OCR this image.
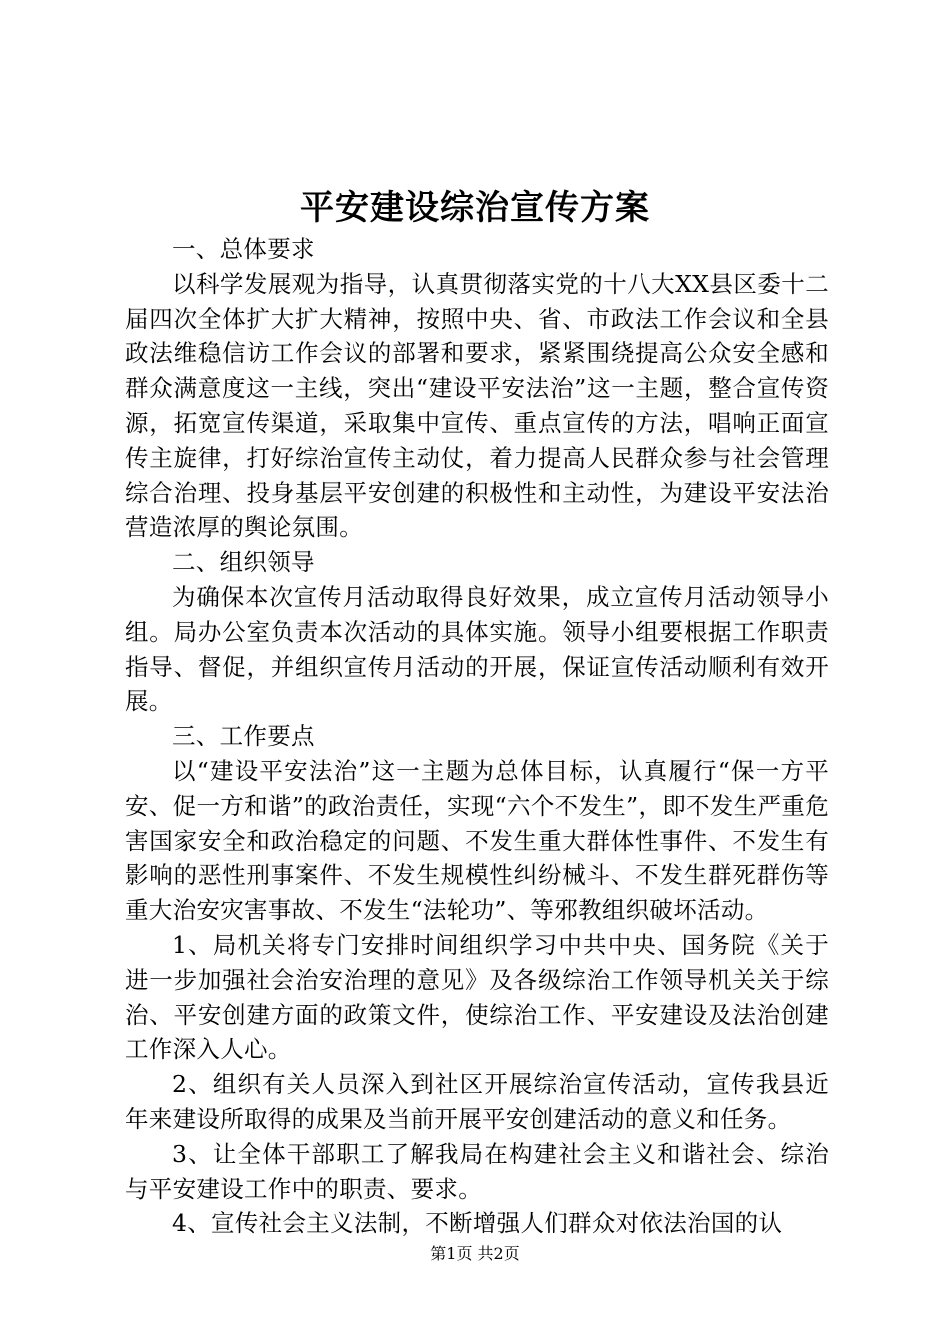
平安建设综治宣传方案

一、总体要求

以科学发展观为指导，认真贯彻落实党的十八大XX县区委十二届四次全体扩大扩大精神，按照中央、省、市政法工作会议和全县政法维稳信访工作会议的部署和要求，紧紧围绕提高公众安全感和群众满意度这一主线，突出“建设平安法治”这一主题，整合宣传资源，拓宽宣传渠道，采取集中宣传、重点宣传的方法，唱响正面宣传主旋律，打好综治宣传主动仗，着力提高人民群众参与社会管理综合治理、投身基层平安创建的积极性和主动性，为建设平安法治营造浓厚的舆论氛围。

二、组织领导

为确保本次宣传月活动取得良好效果，成立宣传月活动领导小组。局办公室负责本次活动的具体实施。领导小组要根据工作职责指导、督促，并组织宣传月活动的开展，保证宣传活动顺利有效开展。

三、工作要点

以“建设平安法治”这一主题为总体目标，认真履行“保一方平安、促一方和谐”的政治责任，实现“六个不发生”，即不发生严重危害国家安全和政治稳定的问题、不发生重大群体性事件、不发生有影响的恶性刑事案件、不发生规模性纠纷械斗、不发生群死群伤等重大治安灾害事故、不发生“法轮功”、等邪教组织破坏活动。

1、局机关将专门安排时间组织学习中共中央、国务院《关于进一步加强社会治安治理的意见》及各级综治工作领导机关关于综治、平安创建方面的政策文件，使综治工作、平安建设及法治创建工作深入人心。

2、组织有关人员深入到社区开展综治宣传活动，宣传我县近年来建设所取得的成果及当前开展平安创建活动的意义和任务。

3、让全体干部职工了解我局在构建社会主义和谐社会、综治与平安建设工作中的职责、要求。

4、宣传社会主义法制，不断增强人们群众对依法治国的认

第1页 共2页
